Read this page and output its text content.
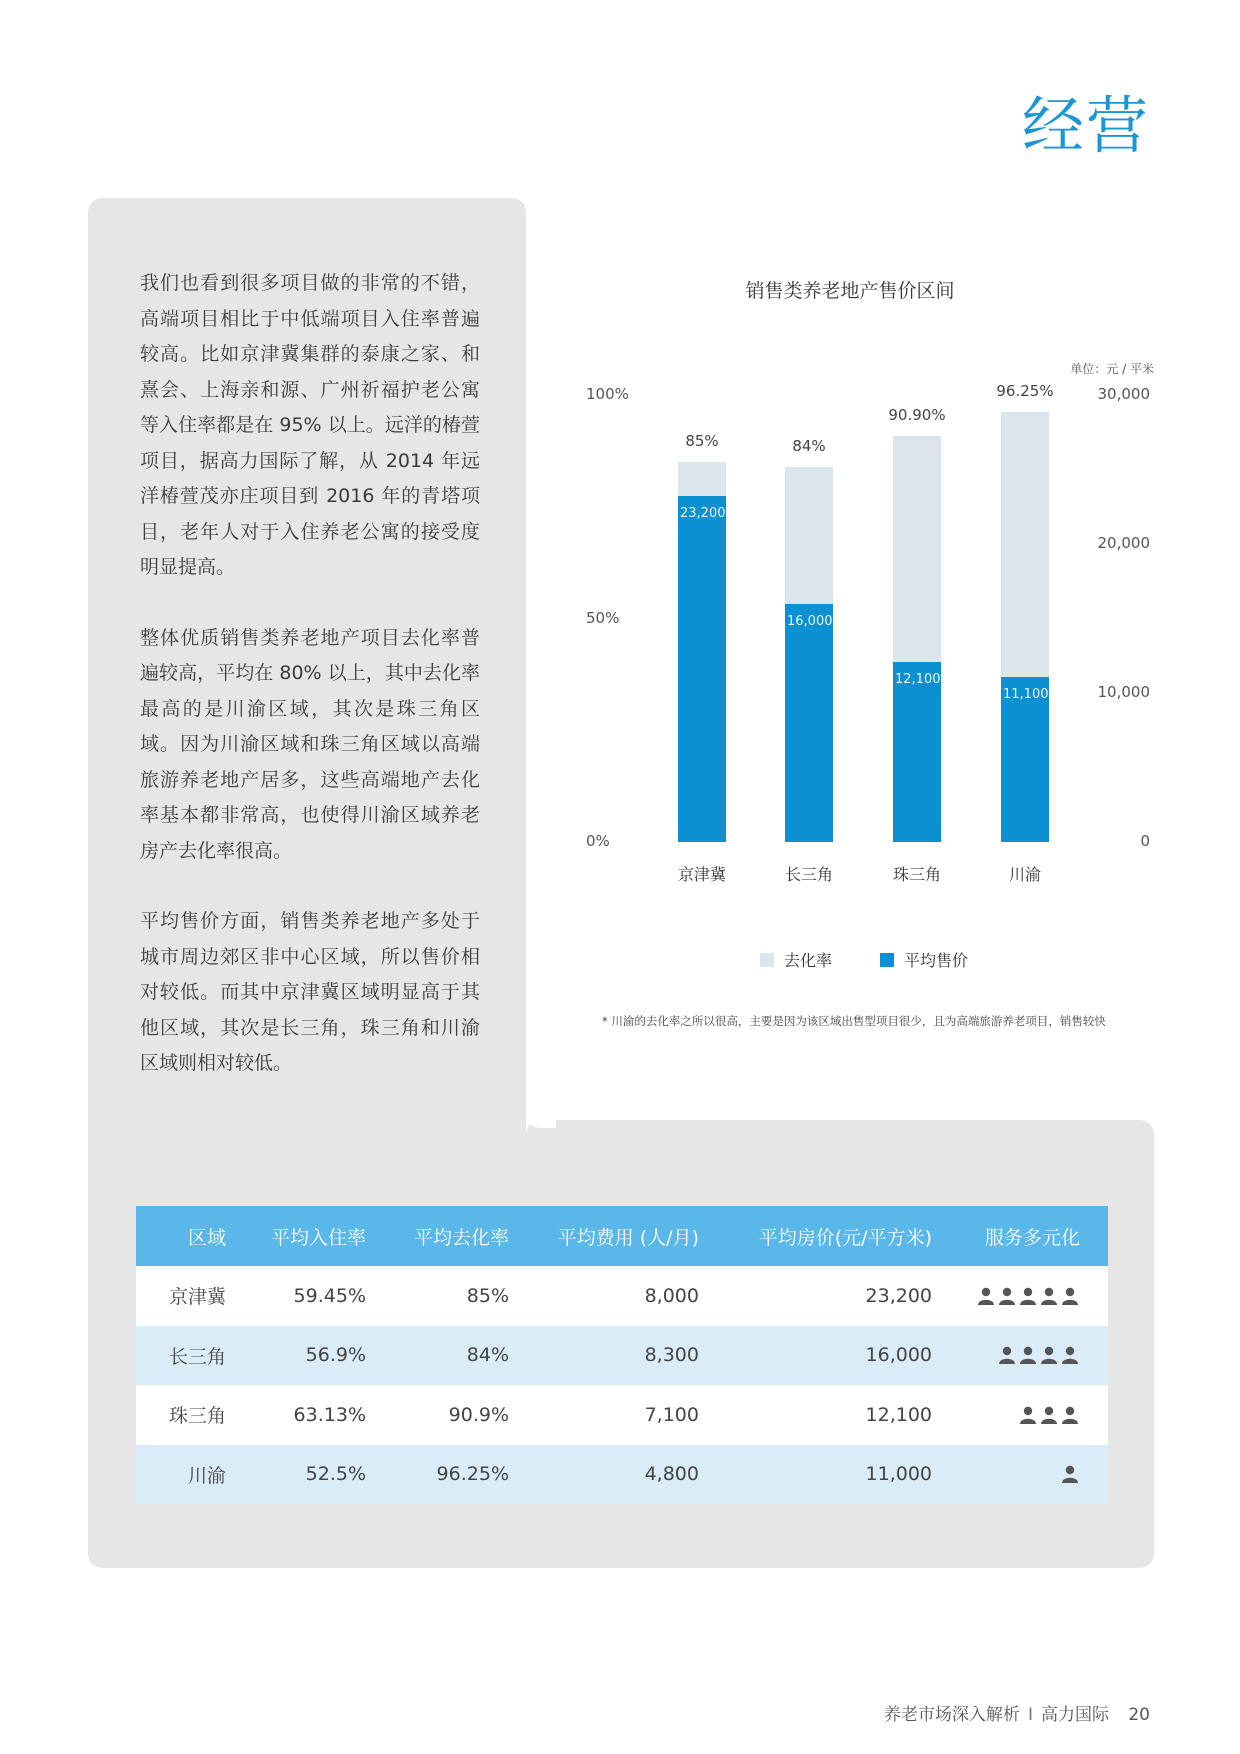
经营

我们也看到很多项目做的非常的不错，高端项目相比于中低端项目入住率普遍较高。比如京津冀集群的泰康之家、和熹会、上海亲和源、广州祈福护老公寓等入住率都是在 95% 以上。远洋的椿萱项目，据高力国际了解，从 2014 年远洋椿萱茂亦庄项目到 2016 年的青塔项目，老年人对于入住养老公寓的接受度明显提高。

整体优质销售类养老地产项目去化率普遍较高，平均在 80% 以上，其中去化率最高的是川渝区域，其次是珠三角区域。因为川渝区域和珠三角区域以高端旅游养老地产居多，这些高端地产去化率基本都非常高，也使得川渝区域养老房产去化率很高。

平均售价方面，销售类养老地产多处于城市周边郊区非中心区域，所以售价相对较低。而其中京津冀区域明显高于其他区域，其次是长三角，珠三角和川渝区域则相对较低。

销售类养老地产售价区间
单位：元 / 平米
100%
50%
0%
30,000
20,000
10,000
0
85%
23,200
京津冀
84%
16,000
长三角
90.90%
12,100
珠三角
96.25%
11,100
川渝
去化率	平均售价
* 川渝的去化率之所以很高，主要是因为该区域出售型项目很少，且为高端旅游养老项目，销售较快
区域	平均入住率	平均去化率	平均费用 (人/月)	平均房价(元/平方米)	服务多元化
京津冀	59.45%	85%	8,000	23,200
长三角	56.9%	84%	8,300	16,000
珠三角	63.13%	90.9%	7,100	12,100
川渝	52.5%	96.25%	4,800	11,000
养老市场深入解析 I 高力国际 20
